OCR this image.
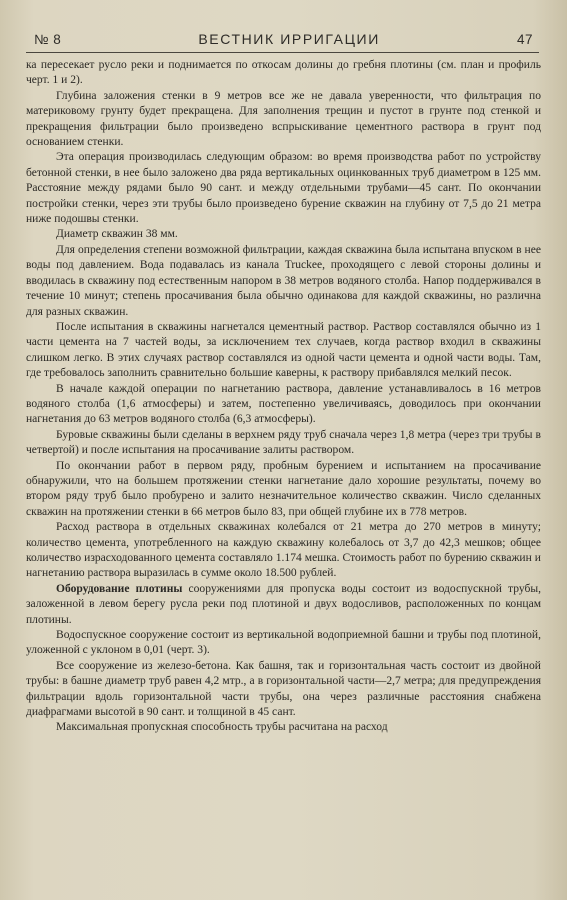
№ 8	ВЕСТНИК ИРРИГАЦИИ	47

ка пересекает русло реки и поднимается по откосам долины до гребня плотины (см. план и профиль черт. 1 и 2).

Глубина заложения стенки в 9 метров все же не давала уверенности, что фильтрация по материковому грунту будет прекращена. Для заполнения трещин и пустот в грунте под стенкой и прекращения фильтрации было произведено вспрыскивание цементного раствора в грунт под основанием стенки.

Эта операция производилась следующим образом: во время производства работ по устройству бетонной стенки, в нее было заложено два ряда вертикальных оцинкованных труб диаметром в 125 мм. Расстояние между рядами было 90 сант. и между отдельными трубами—45 сант. По окончании постройки стенки, через эти трубы было произведено бурение скважин на глубину от 7,5 до 21 метра ниже подошвы стенки.

Диаметр скважин 38 мм.

Для определения степени возможной фильтрации, каждая скважина была испытана впуском в нее воды под давлением. Вода подавалась из канала Truckee, проходящего с левой стороны долины и вводилась в скважину под естественным напором в 38 метров водяного столба. Напор поддерживался в течение 10 минут; степень просачивания была обычно одинакова для каждой скважины, но различна для разных скважин.

После испытания в скважины нагнетался цементный раствор. Раствор составлялся обычно из 1 части цемента на 7 частей воды, за исключением тех случаев, когда раствор входил в скважины слишком легко. В этих случаях раствор составлялся из одной части цемента и одной части воды. Там, где требовалось заполнить сравнительно большие каверны, к раствору прибавлялся мелкий песок.

В начале каждой операции по нагнетанию раствора, давление устанавливалось в 16 метров водяного столба (1,6 атмосферы) и затем, постепенно увеличиваясь, доводилось при окончании нагнетания до 63 метров водяного столба (6,3 атмосферы).

Буровые скважины были сделаны в верхнем ряду труб сначала через 1,8 метра (через три трубы в четвертой) и после испытания на просачивание залиты раствором.

По окончании работ в первом ряду, пробным бурением и испытанием на просачивание обнаружили, что на большем протяжении стенки нагнетание дало хорошие результаты, почему во втором ряду труб было пробурено и залито незначительное количество скважин. Число сделанных скважин на протяжении стенки в 66 метров было 83, при общей глубине их в 778 метров.

Расход раствора в отдельных скважинах колебался от 21 метра до 270 метров в минуту; количество цемента, употребленного на каждую скважину колебалось от 3,7 до 42,3 мешков; общее количество израсходованного цемента составляло 1.174 мешка. Стоимость работ по бурению скважин и нагнетанию раствора выразилась в сумме около 18.500 рублей.

Оборудование плотины сооружениями для пропуска воды состоит из водоспускной трубы, заложенной в левом берегу русла реки под плотиной и двух водосливов, расположенных по концам плотины.

Водоспускное сооружение состоит из вертикальной водоприемной башни и трубы под плотиной, уложенной с уклоном в 0,01 (черт. 3).

Все сооружение из железо-бетона. Как башня, так и горизонтальная часть состоит из двойной трубы: в башне диаметр труб равен 4,2 мтр., а в горизонтальной части—2,7 метра; для предупреждения фильтрации вдоль горизонтальной части трубы, она через различные расстояния снабжена диафрагмами высотой в 90 сант. и толщиной в 45 сант.

Максимальная пропускная способность трубы расчитана на расход
